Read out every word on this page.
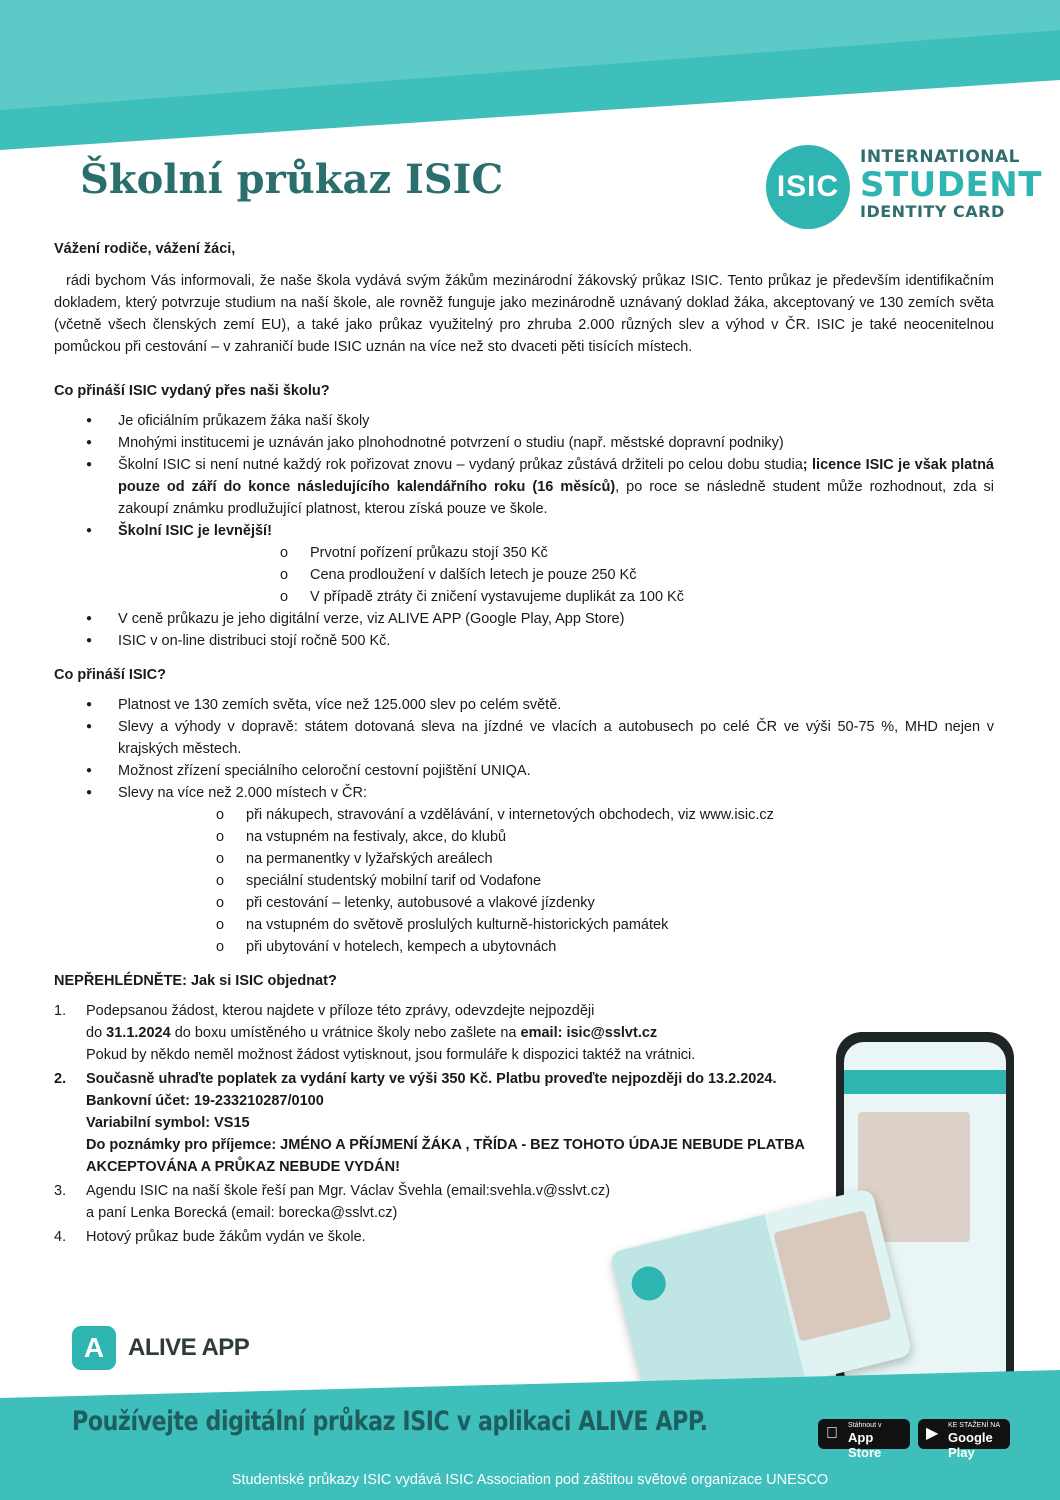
Školní průkaz ISIC	ISIC
INTERNATIONAL
STUDENT
IDENTITY CARD

Vážení rodiče, vážení žáci,

rádi bychom Vás informovali, že naše škola vydává svým žákům mezinárodní žákovský průkaz ISIC. Tento průkaz je především identifikačním dokladem, který potvrzuje studium na naší škole, ale rovněž funguje jako mezinárodně uznávaný doklad žáka, akceptovaný ve 130 zemích světa (včetně všech členských zemí EU), a také jako průkaz využitelný pro zhruba 2.000 různých slev a výhod v ČR. ISIC je také neocenitelnou pomůckou při cestování – v zahraničí bude ISIC uznán na více než sto dvaceti pěti tisících místech.

Co přináší ISIC vydaný přes naši školu?

● Je oficiálním průkazem žáka naší školy
● Mnohými institucemi je uznáván jako plnohodnotné potvrzení o studiu (např. městské dopravní podniky)
● Školní ISIC si není nutné každý rok pořizovat znovu – vydaný průkaz zůstává držiteli po celou dobu studia; licence ISIC je však platná pouze od září do konce následujícího kalendářního roku (16 měsíců), po roce se následně student může rozhodnout, zda si zakoupí známku prodlužující platnost, kterou získá pouze ve škole.
● Školní ISIC je levnější!
o Prvotní pořízení průkazu stojí 350 Kč
o Cena prodloužení v dalších letech je pouze 250 Kč
o V případě ztráty či zničení vystavujeme duplikát za 100 Kč
● V ceně průkazu je jeho digitální verze, viz ALIVE APP (Google Play, App Store)
● ISIC v on-line distribuci stojí ročně 500 Kč.

Co přináší ISIC?

● Platnost ve 130 zemích světa, více než 125.000 slev po celém světě.
● Slevy a výhody v dopravě: státem dotovaná sleva na jízdné ve vlacích a autobusech po celé ČR ve výši 50-75 %, MHD nejen v krajských městech.
● Možnost zřízení speciálního celoroční cestovní pojištění UNIQA.
● Slevy na více než 2.000 místech v ČR:
o při nákupech, stravování a vzdělávání, v internetových obchodech, viz www.isic.cz
o na vstupném na festivaly, akce, do klubů
o na permanentky v lyžařských areálech
o speciální studentský mobilní tarif od Vodafone
o při cestování – letenky, autobusové a vlakové jízdenky
o na vstupném do světově proslulých kulturně-historických památek
o při ubytování v hotelech, kempech a ubytovnách

NEPŘEHLÉDNĚTE: Jak si ISIC objednat?

1. Podepsanou žádost, kterou najdete v příloze této zprávy, odevzdejte nejpozději
do 31.1.2024 do boxu umístěného u vrátnice školy nebo zašlete na email: isic@sslvt.cz
Pokud by někdo neměl možnost žádost vytisknout, jsou formuláře k dispozici taktéž na vrátnici.
2. Současně uhraďte poplatek za vydání karty ve výši 350 Kč. Platbu proveďte nejpozději do 13.2.2024.
Bankovní účet: 19-233210287/0100
Variabilní symbol: VS15
Do poznámky pro příjemce: JMÉNO A PŘÍJMENÍ ŽÁKA , TŘÍDA - BEZ TOHOTO ÚDAJE NEBUDE PLATBA AKCEPTOVÁNA A PRŮKAZ NEBUDE VYDÁN!
3. Agendu ISIC na naší škole řeší pan Mgr. Václav Švehla (email:svehla.v@sslvt.cz)
a paní Lenka Borecká (email: borecka@sslvt.cz)
4. Hotový průkaz bude žákům vydán ve škole.
A ALIVE APP

Používejte digitální průkaz ISIC v aplikaci ALIVE APP.	Stáhnout v
App Store
▶ KE STAŽENÍ NA
Google Play
Studentské průkazy ISIC vydává ISIC Association pod záštitou světové organizace UNESCO
